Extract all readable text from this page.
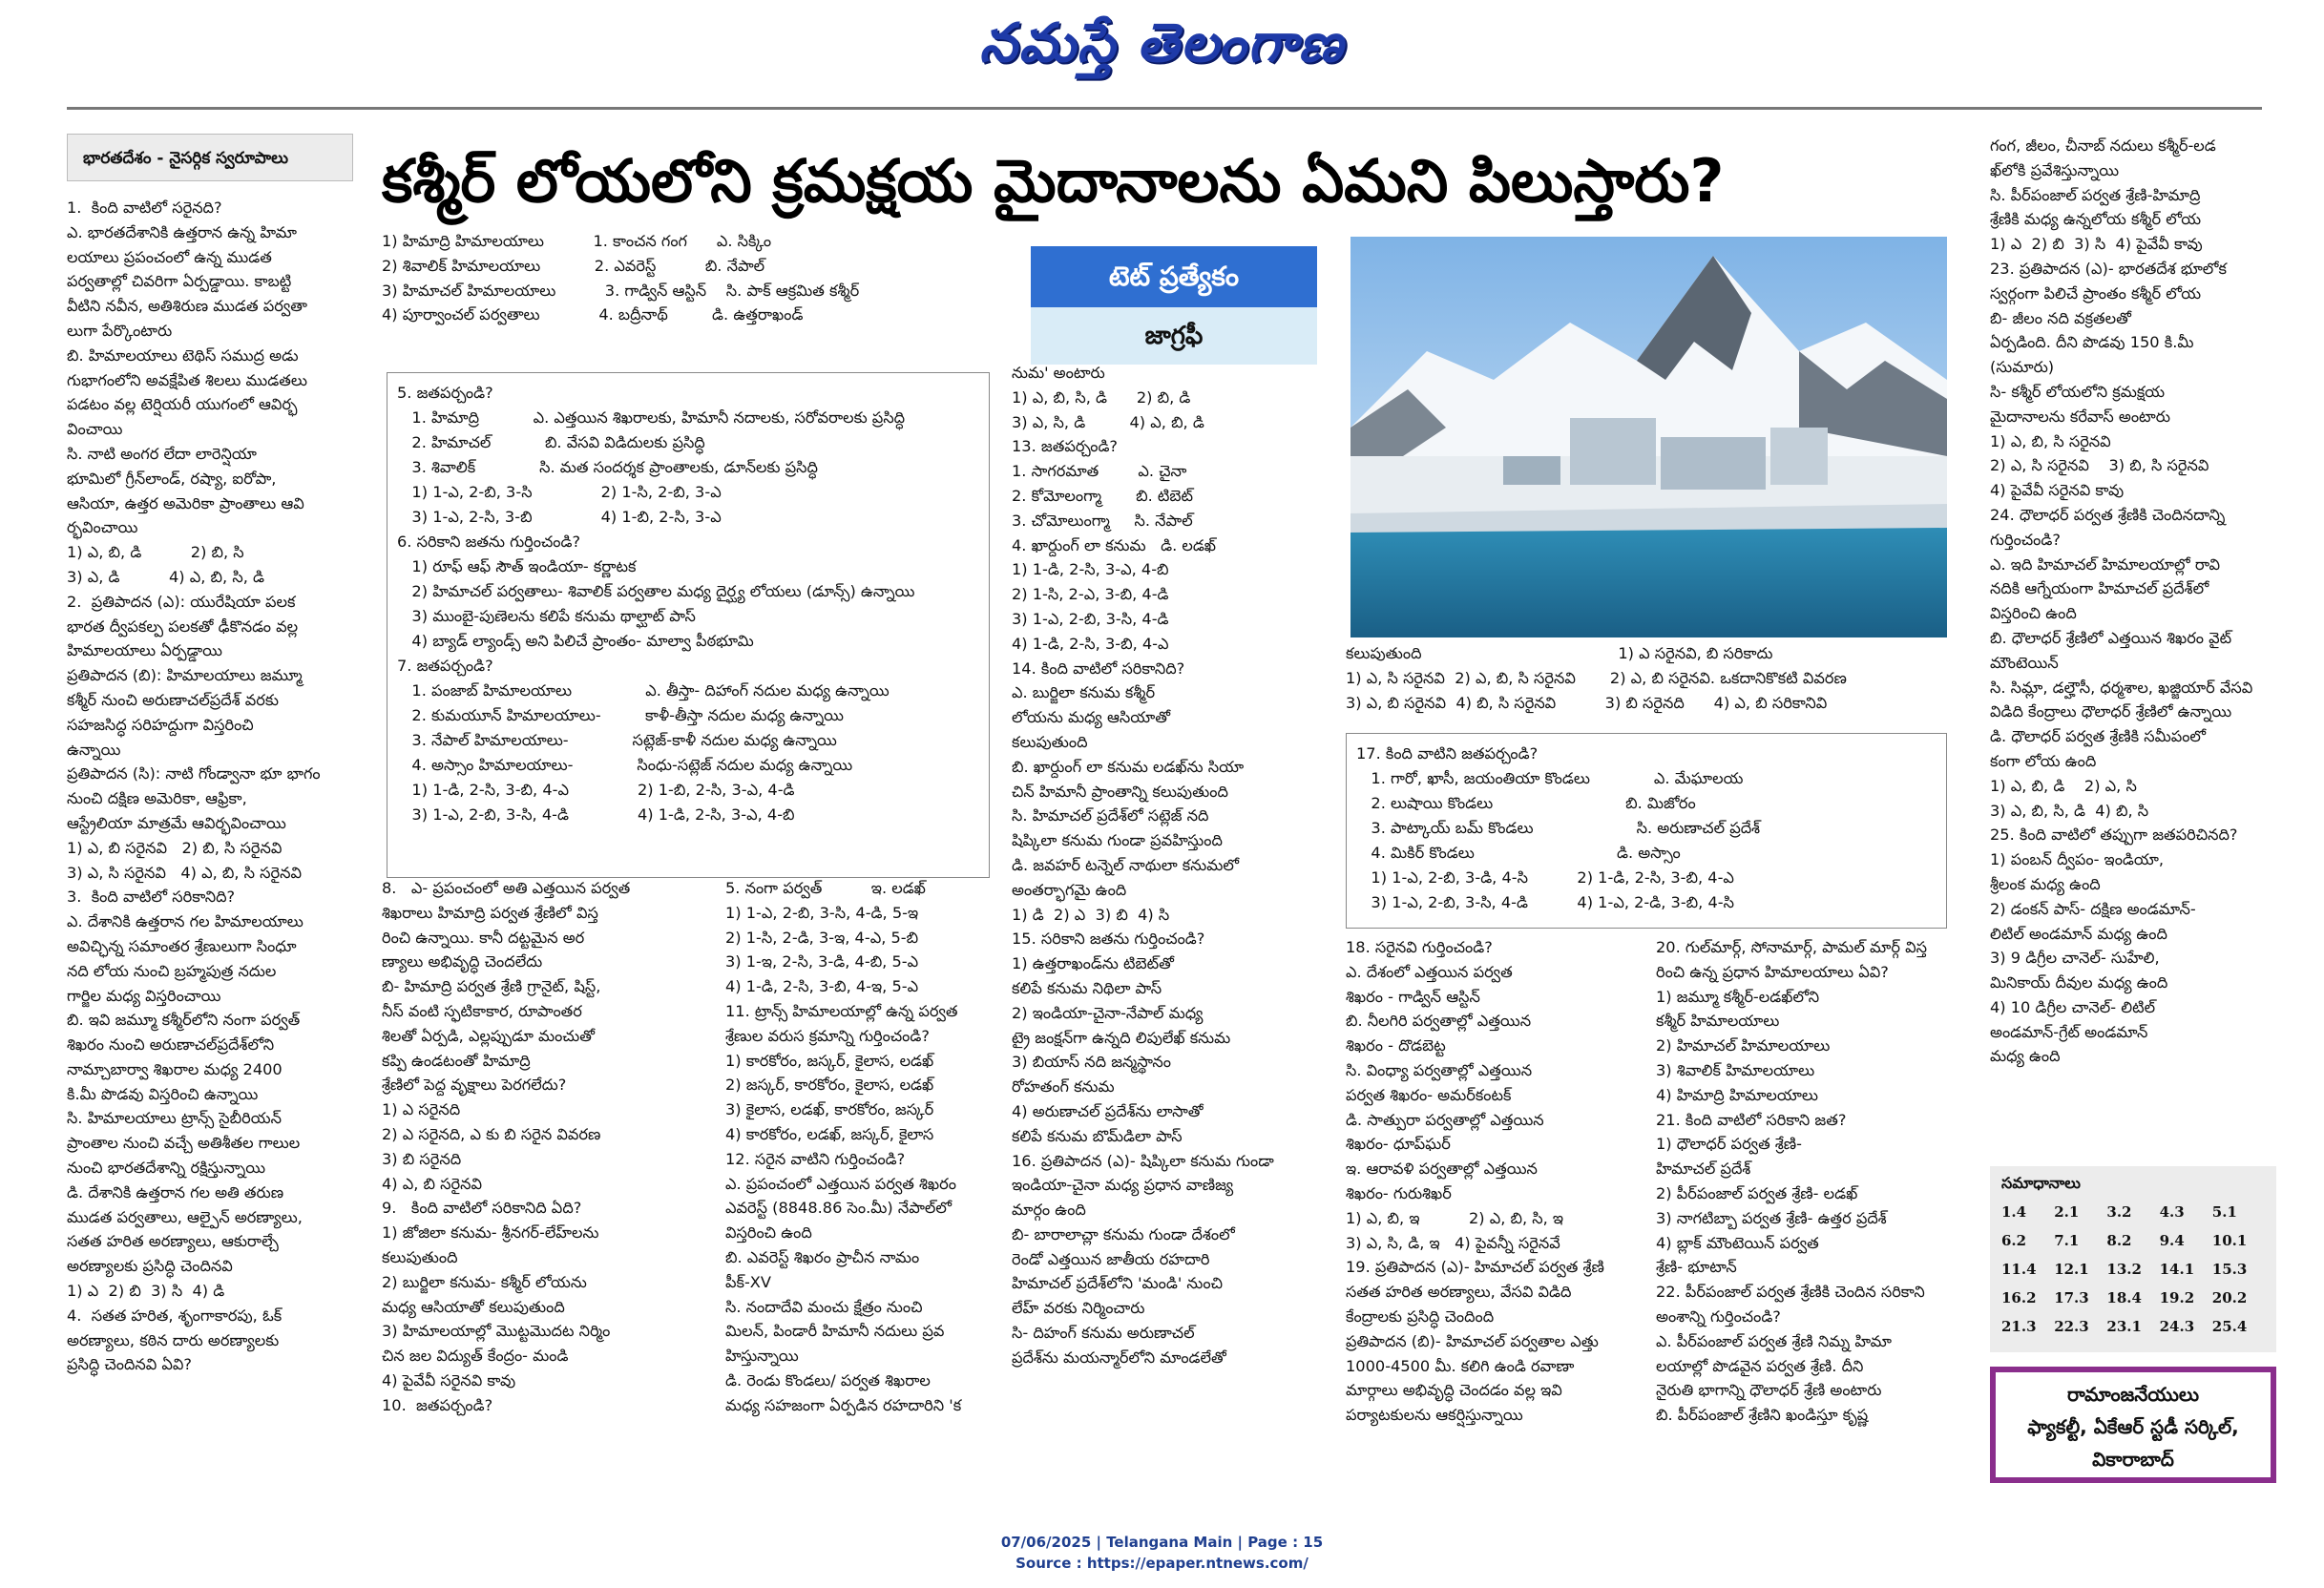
నమస్తే తెలంగాణ
భారతదేశం - నైసర్గిక స్వరూపాలు	కశ్మీర్ లోయలోని క్రమక్షయ మైదానాలను ఏమని పిలుస్తారు?
1.  కింది వాటిలో సరైనది?
ఎ. భారతదేశానికి ఉత్తరాన ఉన్న హిమా
లయాలు ప్రపంచంలో ఉన్న ముడత
పర్వతాల్లో చివరిగా ఏర్పడ్డాయి. కాబట్టి
వీటిని నవీన, అతిశిరుణ ముడత పర్వతా
లుగా పేర్కొంటారు
బి. హిమాలయాలు టెథిస్ సముద్ర అడు
గుభాగంలోని అవక్షేపిత శిలలు ముడతలు
పడటం వల్ల టెర్షియరీ యుగంలో ఆవిర్భ
వించాయి
సి. నాటి అంగర లేదా లారెన్షియా
భూమిలో గ్రీన్‌లాండ్, రష్యా, ఐరోపా,
ఆసియా, ఉత్తర అమెరికా ప్రాంతాలు ఆవి
ర్భవించాయి
1) ఎ, బి, డి          2) బి, సి
3) ఎ, డి          4) ఎ, బి, సి, డి
2.  ప్రతిపాదన (ఎ): యురేషియా పలక
భారత ద్వీపకల్ప పలకతో ఢీకొనడం వల్ల
హిమాలయాలు ఏర్పడ్డాయి
ప్రతిపాదన (బి): హిమాలయాలు జమ్మూ
కశ్మీర్ నుంచి అరుణాచల్‌ప్రదేశ్ వరకు
సహజసిద్ధ సరిహద్దుగా విస్తరించి
ఉన్నాయి
ప్రతిపాదన (సి): నాటి గోండ్వానా భూ భాగం
నుంచి దక్షిణ అమెరికా, ఆఫ్రికా,
ఆస్ట్రేలియా మాత్రమే ఆవిర్భవించాయి
1) ఎ, బి సరైనవి   2) బి, సి సరైనవి
3) ఎ, సి సరైనవి   4) ఎ, బి, సి సరైనవి
3.  కింది వాటిలో సరికానిది?
ఎ. దేశానికి ఉత్తరాన గల హిమాలయాలు
అవిచ్ఛిన్న సమాంతర శ్రేణులుగా సింధూ
నది లోయ నుంచి బ్రహ్మపుత్ర నదుల
గార్జిల మధ్య విస్తరించాయి
బి. ఇవి జమ్మూ కశ్మీర్‌లోని నంగా పర్వత్
శిఖరం నుంచి అరుణాచల్‌ప్రదేశ్‌లోని
నామ్చాబార్వా శిఖరాల మధ్య 2400
కి.మీ పొడవు విస్తరించి ఉన్నాయి
సి. హిమాలయాలు ట్రాన్స్ సైబీరియన్
ప్రాంతాల నుంచి వచ్చే అతిశీతల గాలుల
నుంచి భారతదేశాన్ని రక్షిస్తున్నాయి
డి. దేశానికి ఉత్తరాన గల అతి తరుణ
ముడత పర్వతాలు, ఆల్పైన్ అరణ్యాలు,
సతత హరిత అరణ్యాలు, ఆకురాల్చే
అరణ్యాలకు ప్రసిద్ధి చెందినవి
1) ఎ  2) బి  3) సి  4) డి
4.  సతత హరిత, శృంగాకారపు, ఓక్
అరణ్యాలు, కఠిన దారు అరణ్యాలకు
ప్రసిద్ధి చెందినవి ఏవి?
1) హిమాద్రి హిమాలయాలు          1. కాంచన గంగ      ఎ. సిక్కిం
2) శివాలిక్ హిమాలయాలు           2. ఎవరెస్ట్          బి. నేపాల్
3) హిమాచల్ హిమాలయాలు          3. గాడ్విన్ ఆస్టిన్    సి. పాక్ ఆక్రమిత కశ్మీర్
4) పూర్వాంచల్ పర్వతాలు            4. బద్రీనాథ్         డి. ఉత్తరాఖండ్
5. జతపర్చండి?
1. హిమాద్రి           ఎ. ఎత్తయిన శిఖరాలకు, హిమానీ నదాలకు, సరోవరాలకు ప్రసిద్ధి
2. హిమాచల్           బి. వేసవి విడిదులకు ప్రసిద్ధి
3. శివాలిక్             సి. మత సందర్శక ప్రాంతాలకు, డూన్‌లకు ప్రసిద్ధి
1) 1-ఎ, 2-బి, 3-సి              2) 1-సి, 2-బి, 3-ఎ
3) 1-ఎ, 2-సి, 3-బి              4) 1-బి, 2-సి, 3-ఎ
6. సరికాని జతను గుర్తించండి?
1) రూఫ్ ఆఫ్ సౌత్ ఇండియా- కర్ణాటక
2) హిమాచల్ పర్వతాలు- శివాలిక్ పర్వతాల మధ్య దైర్ఘ్య లోయలు (డూన్స్) ఉన్నాయి
3) ముంబై-పుణెలను కలిపే కనుమ థాల్ఘాట్ పాస్
4) బ్యాడ్ ల్యాండ్స్ అని పిలిచే ప్రాంతం- మాల్వా పీఠభూమి
7. జతపర్చండి?
1. పంజాబ్ హిమాలయాలు               ఎ. తీస్తా- దిహాంగ్ నదుల మధ్య ఉన్నాయి
2. కుమయూన్ హిమాలయాలు-         కాళీ-తీస్తా నదుల మధ్య ఉన్నాయి
3. నేపాల్ హిమాలయాలు-             సట్లెజ్-కాళీ నదుల మధ్య ఉన్నాయి
4. అస్సాం హిమాలయాలు-             సింధు-సట్లెజ్ నదుల మధ్య ఉన్నాయి
1) 1-డి, 2-సి, 3-బి, 4-ఎ              2) 1-బి, 2-సి, 3-ఎ, 4-డి
3) 1-ఎ, 2-బి, 3-సి, 4-డి              4) 1-డి, 2-సి, 3-ఎ, 4-బి
8.   ఎ- ప్రపంచంలో అతి ఎత్తయిన పర్వత
శిఖరాలు హిమాద్రి పర్వత శ్రేణిలో విస్త
రించి ఉన్నాయి. కానీ దట్టమైన అర
ణ్యాలు అభివృద్ధి చెందలేదు
బి- హిమాద్రి పర్వత శ్రేణి గ్రానైట్, షిస్ట్,
నీస్ వంటి స్ఫటికాకార, రూపాంతర
శిలతో ఏర్పడి, ఎల్లప్పుడూ మంచుతో
కప్పి ఉండటంతో హిమాద్రి
శ్రేణిలో పెద్ద వృక్షాలు పెరగలేదు?
1) ఎ సరైనది
2) ఎ సరైనది, ఎ కు బి సరైన వివరణ
3) బి సరైనది
4) ఎ, బి సరైనవి
9.   కింది వాటిలో సరికానిది ఏది?
1) జోజిలా కనుమ- శ్రీనగర్-లేహ్‌లను
కలుపుతుంది
2) బుర్జిలా కనుమ- కశ్మీర్ లోయను
మధ్య ఆసియాతో కలుపుతుంది
3) హిమాలయాల్లో మొట్టమొదట నిర్మిం
చిన జల విద్యుత్ కేంద్రం- మండి
4) పైవేవీ సరైనవి కావు
10.  జతపర్చండి?
5. నంగా పర్వత్          ఇ. లడఖ్
1) 1-ఎ, 2-బి, 3-సి, 4-డి, 5-ఇ
2) 1-సి, 2-డి, 3-ఇ, 4-ఎ, 5-బి
3) 1-ఇ, 2-సి, 3-డి, 4-బి, 5-ఎ
4) 1-డి, 2-సి, 3-బి, 4-ఇ, 5-ఎ
11. ట్రాన్స్ హిమాలయాల్లో ఉన్న పర్వత
శ్రేణుల వరుస క్రమాన్ని గుర్తించండి?
1) కారకోరం, జస్కర్, కైలాస, లడఖ్
2) జస్కర్, కారకోరం, కైలాస, లడఖ్
3) కైలాస, లడఖ్, కారకోరం, జస్కర్
4) కారకోరం, లడఖ్, జస్కర్, కైలాస
12. సరైన వాటిని గుర్తించండి?
ఎ. ప్రపంచంలో ఎత్తయిన పర్వత శిఖరం
ఎవరెస్ట్ (8848.86 సెం.మీ) నేపాల్‌లో
విస్తరించి ఉంది
బి. ఎవరెస్ట్ శిఖరం ప్రాచీన నామం
పీక్-XV
సి. నందాదేవి మంచు క్షేత్రం నుంచి
మిలన్, పిండారీ హిమానీ నదులు ప్రవ
హిస్తున్నాయి
డి. రెండు కొండలు/ పర్వత శిఖరాల
మధ్య సహజంగా ఏర్పడిన రహదారిని 'క
టెట్ ప్రత్యేకం
జాగ్రఫీ
నుమ' అంటారు
1) ఎ, బి, సి, డి      2) బి, డి
3) ఎ, సి, డి         4) ఎ, బి, డి
13. జతపర్చండి?
1. సాగరమాత        ఎ. చైనా
2. కోమోలంగ్మా       బి. టిబెట్
3. చోమోలుంగ్మా     సి. నేపాల్
4. ఖార్దుంగ్ లా కనుమ   డి. లడఖ్
1) 1-డి, 2-సి, 3-ఎ, 4-బి
2) 1-సి, 2-ఎ, 3-బి, 4-డి
3) 1-ఎ, 2-బి, 3-సి, 4-డి
4) 1-డి, 2-సి, 3-బి, 4-ఎ
14. కింది వాటిలో సరికానిది?
ఎ. బుర్జిలా కనుమ కశ్మీర్
లోయను మధ్య ఆసియాతో
కలుపుతుంది
బి. ఖార్దుంగ్ లా కనుమ లడఖ్‌ను సియా
చిన్ హిమానీ ప్రాంతాన్ని కలుపుతుంది
సి. హిమాచల్ ప్రదేశ్‌లో సట్లెజ్ నది
షిప్కిలా కనుమ గుండా ప్రవహిస్తుంది
డి. జవహర్ టన్నెల్ నాథులా కనుమలో
అంతర్భాగమై ఉంది
1) డి  2) ఎ  3) బి  4) సి
15. సరికాని జతను గుర్తించండి?
1) ఉత్తరాఖండ్‌ను టిబెట్‌తో
కలిపే కనుమ నిథిలా పాస్
2) ఇండియా-చైనా-నేపాల్ మధ్య
ట్రై జంక్షన్‌గా ఉన్నది లిపులేఖ్ కనుమ
3) బియాస్ నది జన్మస్థానం
రోహతంగ్ కనుమ
4) అరుణాచల్ ప్రదేశ్‌ను లాసాతో
కలిపే కనుమ బొమ్‌డిలా పాస్
16. ప్రతిపాదన (ఎ)- షిప్కిలా కనుమ గుండా
ఇండియా-చైనా మధ్య ప్రధాన వాణిజ్య
మార్గం ఉంది
బి- బారాలాచ్లా కనుమ గుండా దేశంలో
రెండో ఎత్తయిన జాతీయ రహదారి
హిమాచల్ ప్రదేశ్‌లోని 'మండి' నుంచి
లేహ్ వరకు నిర్మించారు
సి- దిహంగ్ కనుమ అరుణాచల్
ప్రదేశ్‌ను మయన్మార్‌లోని మాండలేతో
కలుపుతుంది                                        1) ఎ సరైనవి, బి సరికాదు
1) ఎ, సి సరైనవి  2) ఎ, బి, సి సరైనవి       2) ఎ, బి సరైనవి. ఒకదానికొకటి వివరణ
3) ఎ, బి సరైనవి  4) బి, సి సరైనవి          3) బి సరైనది      4) ఎ, బి సరికానివి
17. కింది వాటిని జతపర్చండి?
1. గారో, ఖాసీ, జయంతియా కొండలు             ఎ. మేఘాలయ
2. లుషాయి కొండలు                           బి. మిజోరం
3. పాట్కాయ్ బమ్ కొండలు                     సి. అరుణాచల్ ప్రదేశ్
4. మికిర్ కొండలు                             డి. అస్సాం
1) 1-ఎ, 2-బి, 3-డి, 4-సి          2) 1-డి, 2-సి, 3-బి, 4-ఎ
3) 1-ఎ, 2-బి, 3-సి, 4-డి          4) 1-ఎ, 2-డి, 3-బి, 4-సి
18. సరైనవి గుర్తించండి?
ఎ. దేశంలో ఎత్తయిన పర్వత
శిఖరం - గాడ్విన్ ఆస్టిన్
బి. నీలగిరి పర్వతాల్లో ఎత్తయిన
శిఖరం - దొడబెట్ట
సి. వింధ్యా పర్వతాల్లో ఎత్తయిన
పర్వత శిఖరం- అమర్‌కంటక్
డి. సాత్పురా పర్వతాల్లో ఎత్తయిన
శిఖరం- ధూప్‌ఘర్
ఇ. ఆరావళి పర్వతాల్లో ఎత్తయిన
శిఖరం- గురుశిఖర్
1) ఎ, బి, ఇ          2) ఎ, బి, సి, ఇ
3) ఎ, సి, డి, ఇ   4) పైవన్నీ సరైనవే
19. ప్రతిపాదన (ఎ)- హిమాచల్ పర్వత శ్రేణి
సతత హరిత అరణ్యాలు, వేసవి విడిది
కేంద్రాలకు ప్రసిద్ధి చెందింది
ప్రతిపాదన (బి)- హిమాచల్ పర్వతాల ఎత్తు
1000-4500 మీ. కలిగి ఉండి రవాణా
మార్గాలు అభివృద్ధి చెందడం వల్ల ఇవి
పర్యాటకులను ఆకర్షిస్తున్నాయి
20. గుల్‌మార్గ్, సోనామార్గ్, పామల్ మార్గ్ విస్త
రించి ఉన్న ప్రధాన హిమాలయాలు ఏవి?
1) జమ్మూ కశ్మీర్-లడఖ్‌లోని
కశ్మీర్ హిమాలయాలు
2) హిమాచల్ హిమాలయాలు
3) శివాలిక్ హిమాలయాలు
4) హిమాద్రి హిమాలయాలు
21. కింది వాటిలో సరికాని జత?
1) ధౌలాధర్ పర్వత శ్రేణి-
హిమాచల్ ప్రదేశ్
2) పీర్‌పంజాల్ పర్వత శ్రేణి- లడఖ్
3) నాగటిబ్బా పర్వత శ్రేణి- ఉత్తర ప్రదేశ్
4) బ్లాక్ మౌంటెయిన్ పర్వత
శ్రేణి- భూటాన్
22. పీర్‌పంజాల్ పర్వత శ్రేణికి చెందిన సరికాని
అంశాన్ని గుర్తించండి?
ఎ. పీర్‌పంజాల్ పర్వత శ్రేణి నిమ్న హిమా
లయాల్లో పొడవైన పర్వత శ్రేణి. దీని
నైరుతి భాగాన్ని ధౌలాధర్ శ్రేణి అంటారు
బి. పీర్‌పంజాల్ శ్రేణిని ఖండిస్తూ కృష్ణ
గంగ, జీలం, చీనాబ్ నదులు కశ్మీర్-లడ
ఖ్‌లోకి ప్రవేశిస్తున్నాయి
సి. పీర్‌పంజాల్ పర్వత శ్రేణి-హిమాద్రి
శ్రేణికి మధ్య ఉన్నలోయ కశ్మీర్ లోయ
1) ఎ  2) బి  3) సి  4) పైవేవీ కావు
23. ప్రతిపాదన (ఎ)- భారతదేశ భూలోక
స్వర్గంగా పిలిచే ప్రాంతం కశ్మీర్ లోయ
బి- జీలం నది వక్రతలతో
ఏర్పడింది. దీని పొడవు 150 కి.మీ
(సుమారు)
సి- కశ్మీర్ లోయలోని క్రమక్షయ
మైదానాలను కరేవాస్ అంటారు
1) ఎ, బి, సి సరైనవి
2) ఎ, సి సరైనవి    3) బి, సి సరైనవి
4) పైవేవీ సరైనవి కావు
24. ధౌలాధర్ పర్వత శ్రేణికి చెందినదాన్ని
గుర్తించండి?
ఎ. ఇది హిమాచల్ హిమాలయాల్లో రావి
నదికి ఆగ్నేయంగా హిమాచల్ ప్రదేశ్‌లో
విస్తరించి ఉంది
బి. ధౌలాధర్ శ్రేణిలో ఎత్తయిన శిఖరం వైట్
మౌంటెయిన్
సి. సిమ్లా, డల్హౌసీ, ధర్మశాల, ఖజ్జియార్ వేసవి
విడిది కేంద్రాలు ధౌలాధర్ శ్రేణిలో ఉన్నాయి
డి. ధౌలాధర్ పర్వత శ్రేణికి సమీపంలో
కంగా లోయ ఉంది
1) ఎ, బి, డి    2) ఎ, సి
3) ఎ, బి, సి, డి  4) బి, సి
25. కింది వాటిలో తప్పుగా జతపరిచినది?
1) పంబన్ ద్వీపం- ఇండియా,
శ్రీలంక మధ్య ఉంది
2) డంకన్ పాస్- దక్షిణ అండమాన్-
లిటిల్ అండమాన్ మధ్య ఉంది
3) 9 డిగ్రీల చానెల్- సుహేలి,
మినికాయ్ దీవుల మధ్య ఉంది
4) 10 డిగ్రీల చానెల్- లిటిల్
అండమాన్-గ్రేట్ అండమాన్
మధ్య ఉంది
సమాధానాలు
1.4	2.1	3.2	4.3	5.1
6.2	7.1	8.2	9.4	10.1
11.4	12.1	13.2	14.1	15.3
16.2	17.3	18.4	19.2	20.2
21.3	22.3	23.1	24.3	25.4
రామాంజనేయులు
ఫ్యాకల్టీ, ఏకేఆర్ స్టడీ సర్కిల్,
వికారాబాద్
07/06/2025 | Telangana Main | Page : 15
Source : https://epaper.ntnews.com/
